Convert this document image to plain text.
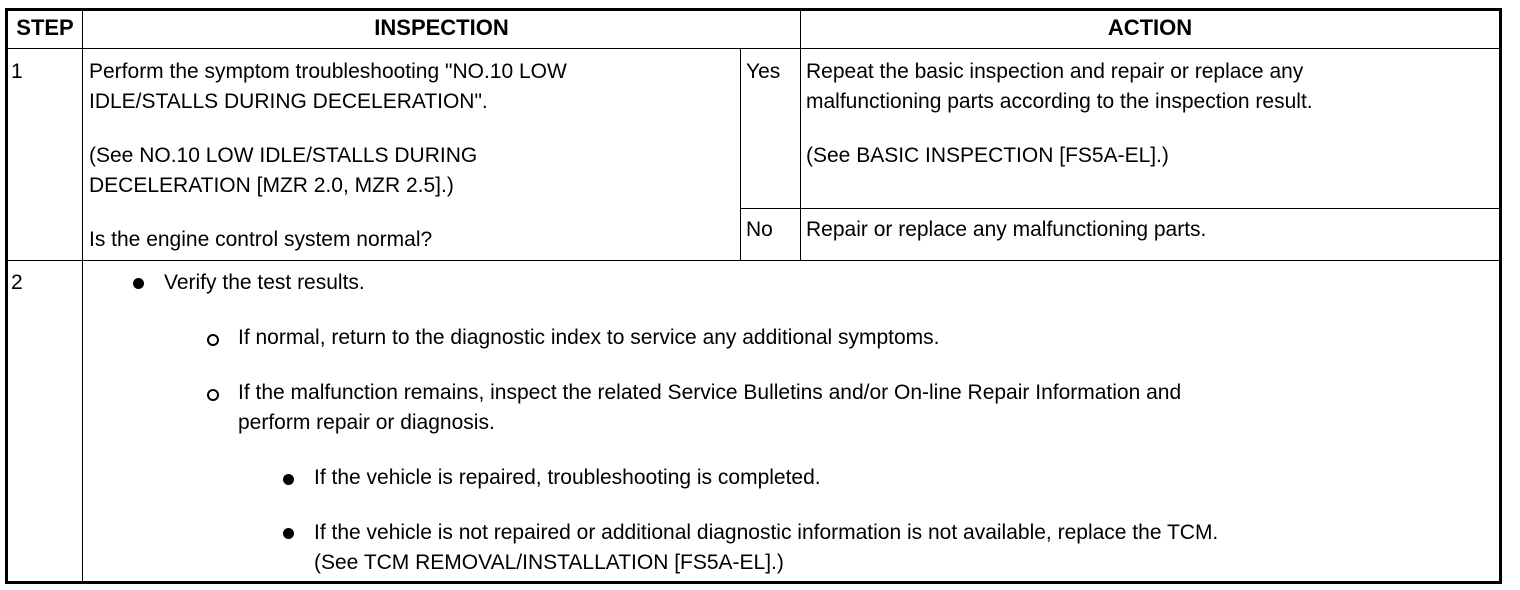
STEP	INSPECTION	ACTION
1	Perform the symptom troubleshooting "NO.10 LOW
IDLE/STALLS DURING DECELERATION".
(See NO.10 LOW IDLE/STALLS DURING
DECELERATION [MZR 2.0, MZR 2.5].)
Is the engine control system normal?
Yes Repeat the basic inspection and repair or replace any
malfunctioning parts according to the inspection result.
(See BASIC INSPECTION [FS5A-EL].)
No Repair or replace any malfunctioning parts.
2	Verify the test results.
If normal, return to the diagnostic index to service any additional symptoms.
If the malfunction remains, inspect the related Service Bulletins and/or On-line Repair Information and
perform repair or diagnosis.
If the vehicle is repaired, troubleshooting is completed.
If the vehicle is not repaired or additional diagnostic information is not available, replace the TCM.
(See TCM REMOVAL/INSTALLATION [FS5A-EL].)
